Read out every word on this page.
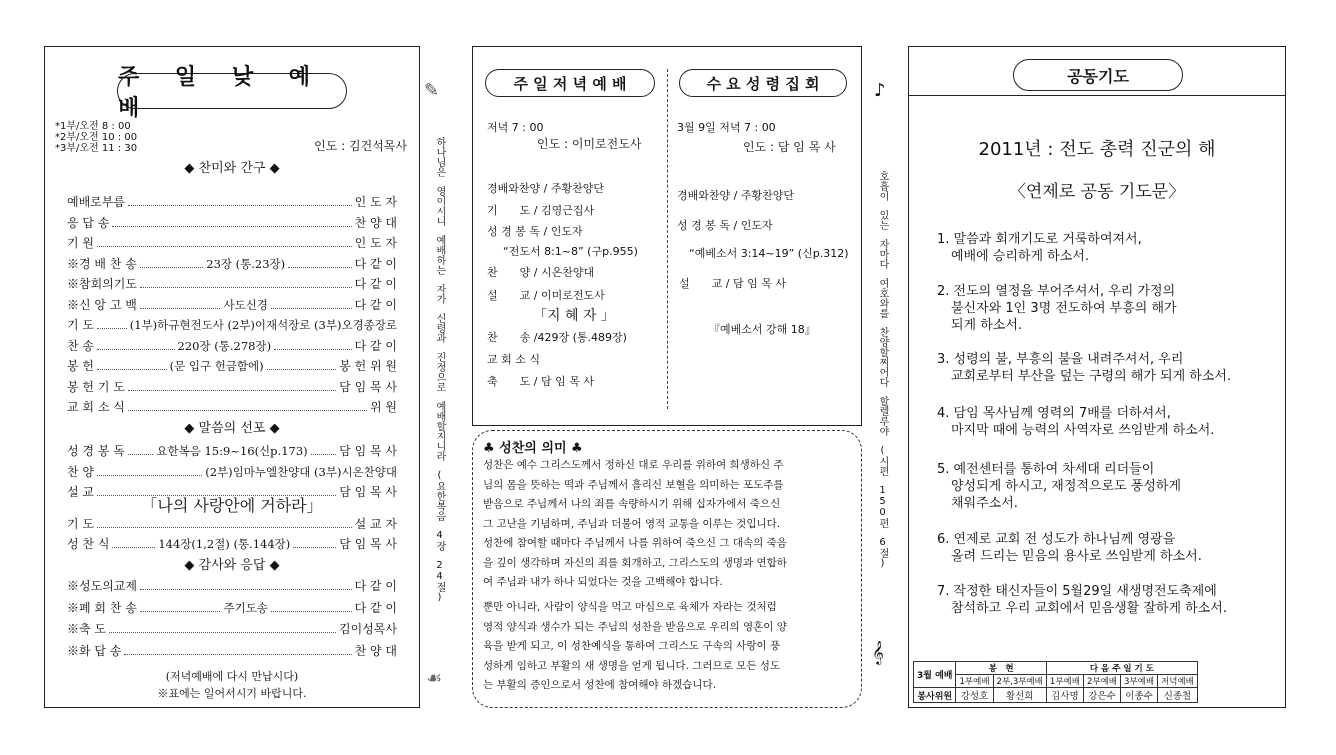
주 일 낮 예 배
*1부/오전 8 : 00
*2부/오전 10 : 00
*3부/오전 11 : 30	인도 : 김건석목사
◆ 찬미와 간구 ◆
예배로부름	인 도 자
응 답 송	찬 양 대
기 원	인 도 자
※경 배 찬 송	23장 (통.23장)	다 같 이
※참회의기도	다 같 이
※신 앙 고 백	사도신경	다 같 이
기 도	(1부)하규현전도사 (2부)이재석장로 (3부)오경종장로
찬 송	220장 (통.278장)	다 같 이
봉 헌	(문 입구 헌금함에)	봉 헌 위 원
봉 헌 기 도	담 임 목 사
교 회 소 식	위 원
◆ 말씀의 선포 ◆
성 경 봉 독	요한복음 15:9~16(신p.173)	담 임 목 사
찬 양	(2부)임마누엘찬양대 (3부)시온찬양대
설 교	담 임 목 사
「나의 사랑안에 거하라」
기 도	설 교 자
성 찬 식	144장(1,2절) (통.144장)	담 임 목 사
◆ 감사와 응답 ◆
※성도의교제	다 같 이
※폐 회 찬 송	주기도송	다 같 이
※축 도	김이성목사
※화 답 송	찬 양 대
(저녁예배에 다시 만납시다)
※표에는 일어서시기 바랍니다.
✎
하나님은영이시니예배하는자가신령과진정으로예배할지니라(요한복음4장24절)
☙
주 일 저 녁 예 배	수 요 성 령 집 회
저녁 7 : 00
인도 : 이미로전도사
경배와찬양 / 주황찬양단
기　　도 / 김영근집사
성 경 봉 독 / 인도자
“전도서 8:1~8” (구p.955)
찬　　양 / 시온찬양대
설　　교 / 이미로전도사
「지 혜 자 」
찬　　송 /429장 (통.489장)
교 회 소 식
축　　도 / 담 임 목 사
3월 9일 저녁 7 : 00
인도 : 담 임 목 사
경배와찬양 / 주황찬양단
성 경 봉 독 / 인도자
“예베소서 3:14~19” (신p.312)
설　　교 / 담 임 목 사
『예베소서 강해 18』
♣ 성찬의 의미 ♣
성찬은 예수 그리스도께서 정하신 대로 우리를 위하여 희생하신 주
님의 몸을 뜻하는 떡과 주님께서 흘리신 보혈을 의미하는 포도주를
받음으로 주님께서 나의 죄를 속량하시기 위해 십자가에서 죽으신
그 고난을 기념하며, 주님과 더불어 영적 교통을 이루는 것입니다.
성찬에 참여할 때마다 주님께서 나를 위하여 죽으신 그 대속의 죽음
을 깊이 생각하며 자신의 죄를 회개하고, 그리스도의 생명과 연합하
여 주님과 내가 하나 되었다는 것을 고백해야 합니다.
뿐만 아니라, 사람이 양식을 먹고 마심으로 육체가 자라는 것처럼
영적 양식과 생수가 되는 주님의 성찬을 받음으로 우리의 영혼이 양
육을 받게 되고, 이 성찬예식을 통하여 그리스도 구속의 사랑이 풍
성하게 임하고 부활의 새 생명을 얻게 됩니다. 그러므로 모든 성도
는 부활의 증인으로서 성찬에 참여해야 하겠습니다.
♪
호흡이있는자마다여호와를찬양할찌어다할렐루야(시편150편6절)
𝄞
공동기도
2011년 : 전도 총력 진군의 해
〈연제로 공동 기도문〉
1. 말씀과 회개기도로 거룩하여져서,
예배에 승리하게 하소서.
2. 전도의 열정을 부어주셔서, 우리 가정의
불신자와 1인 3명 전도하여 부흥의 해가
되게 하소서.
3. 성령의 불, 부흥의 불을 내려주셔서, 우리
교회로부터 부산을 덮는 구령의 해가 되게 하소서.
4. 담임 목사님께 영력의 7배를 더하셔서,
마지막 때에 능력의 사역자로 쓰임받게 하소서.
5. 예전센터를 통하여 차세대 리더들이
양성되게 하시고, 재정적으로도 풍성하게
채워주소서.
6. 연제로 교회 전 성도가 하나님께 영광을
올려 드리는 믿음의 용사로 쓰임받게 하소서.
7. 작정한 태신자들이 5월29일 새생명전도축제에
참석하고 우리 교회에서 믿음생활 잘하게 하소서.
3월 예배	봉　현		다 음 주 일 기 도			
	1부예배	2부,3부예배	1부예배	2부예배	3부예배	저녁예배
봉사위원	강성호	황선희	김사명	강은수	이종수	신종철
